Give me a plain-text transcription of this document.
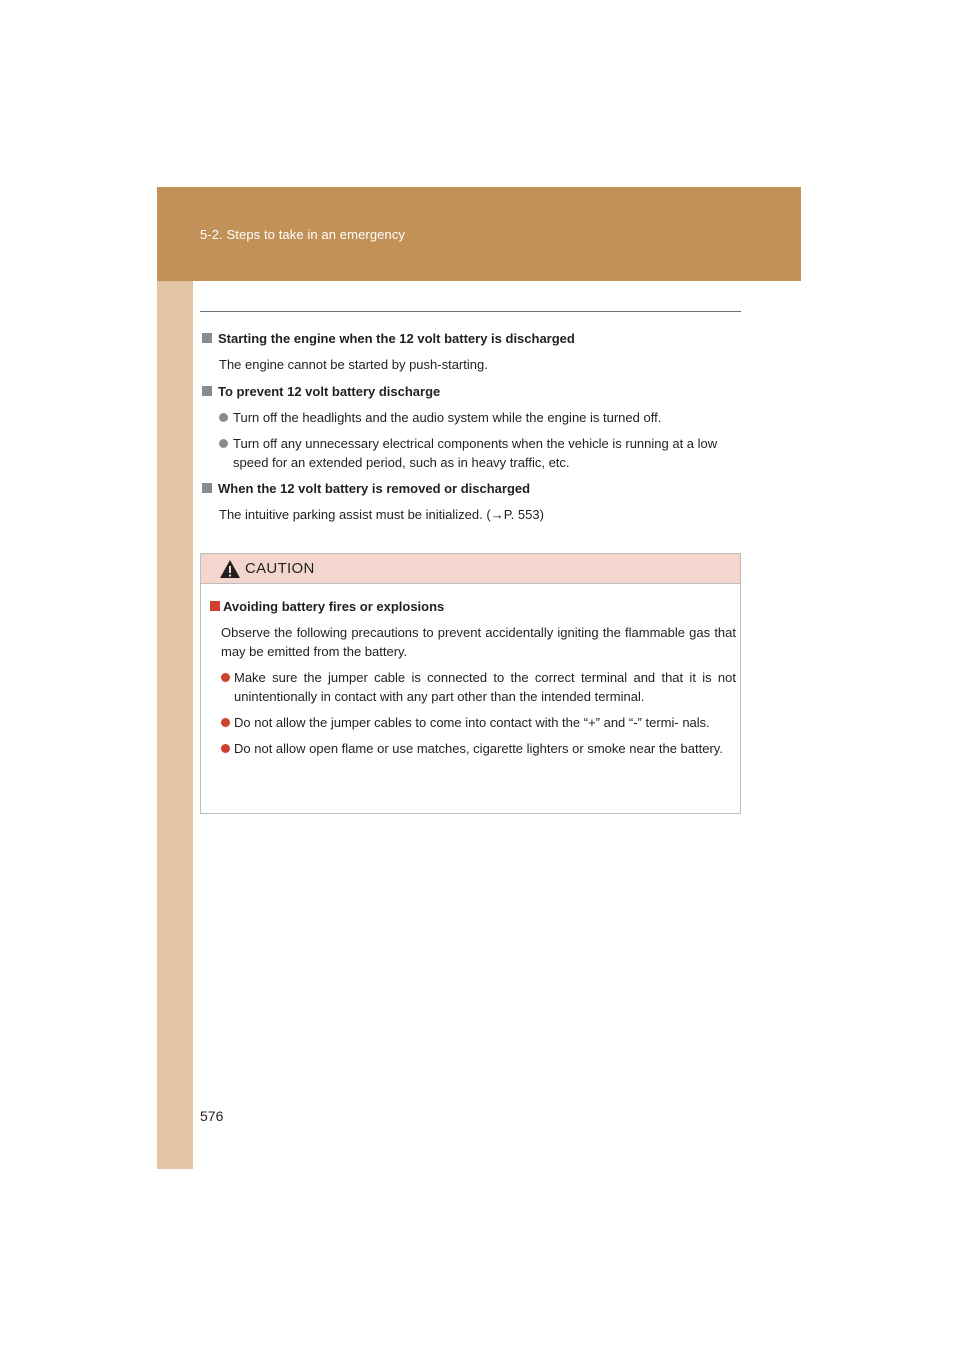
5-2. Steps to take in an emergency
576
Starting the engine when the 12 volt battery is discharged
The engine cannot be started by push-starting.
To prevent 12 volt battery discharge
Turn off the headlights and the audio system while the engine is turned off.
Turn off any unnecessary electrical components when the vehicle is running at a low speed for an extended period, such as in heavy traffic, etc.
When the 12 volt battery is removed or discharged
The intuitive parking assist must be initialized. (→P. 553)
CAUTION
Avoiding battery fires or explosions
Observe the following precautions to prevent accidentally igniting the flammable gas that may be emitted from the battery.
Make sure the jumper cable is connected to the correct terminal and that it is not unintentionally in contact with any part other than the intended terminal.
Do not allow the jumper cables to come into contact with the “+” and “-” termi- nals.
Do not allow open flame or use matches, cigarette lighters or smoke near the battery.
